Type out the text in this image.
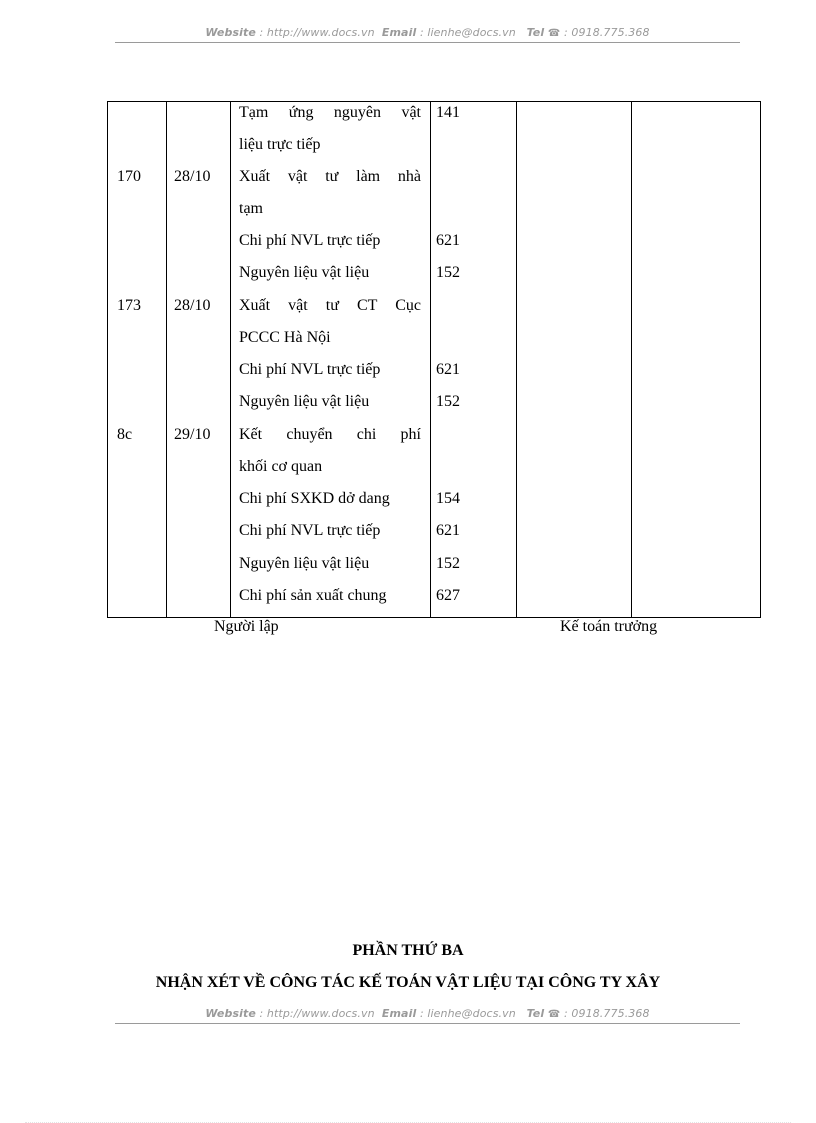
Website : http://www.docs.vn Email : lienhe@docs.vn Tel ☎ : 0918.775.368
Tạm ứng nguyên vật 141
liệu trực tiếp
170 28/10 Xuất vật tư làm nhà
tạm
Chi phí NVL trực tiếp	621
Nguyên liệu vật liệu	152
173 28/10 Xuất vật tư CT Cục
PCCC Hà Nội
Chi phí NVL trực tiếp	621
Nguyên liệu vật liệu	152
8c	29/10 Kết chuyển chi phí
khối cơ quan
Chi phí SXKD dở dang	154
Chi phí NVL trực tiếp	621
Nguyên liệu vật liệu	152
Chi phí sản xuất chung	627
Người lập	Kế toán trưởng
PHẦN THỨ BA
NHẬN XÉT VỀ CÔNG TÁC KẾ TOÁN VẬT LIỆU TẠI CÔNG TY XÂY
Website : http://www.docs.vn Email : lienhe@docs.vn Tel ☎ : 0918.775.368
